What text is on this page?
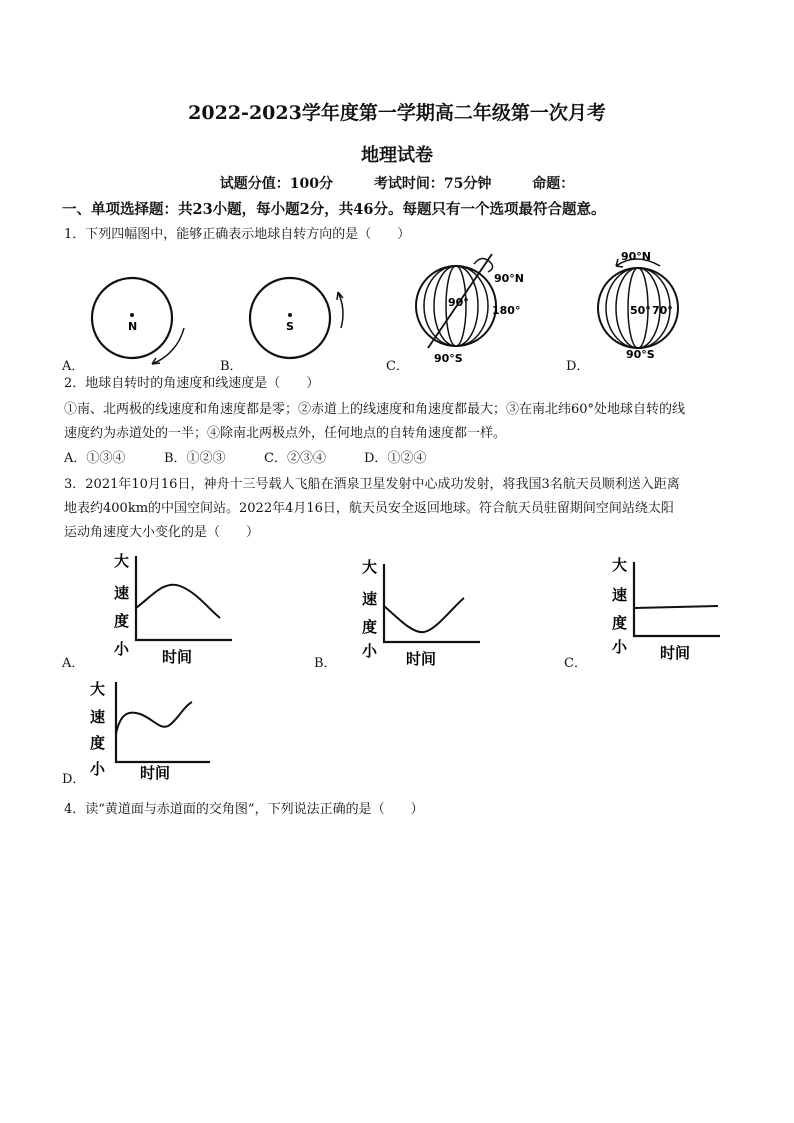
2022-2023学年度第一学期高二年级第一次月考
地理试卷
试题分值：100分	考试时间：75分钟	命题：
一、单项选择题：共23小题，每小题2分，共46分。每题只有一个选项最符合题意。
1．下列四幅图中，能够正确表示地球自转方向的是（　　）
N
A．
S
B．
90°N
90°
180°
90°S
C．
90°N
50° 70°
90°S
D．
2．地球自转时的角速度和线速度是（　　）
①南、北两极的线速度和角速度都是零；②赤道上的线速度和角速度都最大；③在南北纬60°处地球自转的线
速度约为赤道处的一半；④除南北两极点外，任何地点的自转角速度都一样。
A．①③④	B．①②③	C．②③④	D．①②④
3．2021年10月16日，神舟十三号载人飞船在酒泉卫星发射中心成功发射，将我国3名航天员顺利送入距离
地表约400km的中国空间站。2022年4月16日，航天员安全返回地球。符合航天员驻留期间空间站绕太阳
运动角速度大小变化的是（　　）
大
速
度
小 时间
A．
大
速
度
小 时间
B．
大
速
度
小 时间
C．
大
速
度
小 时间
D．
4．读“黄道面与赤道面的交角图”，下列说法正确的是（　　）
